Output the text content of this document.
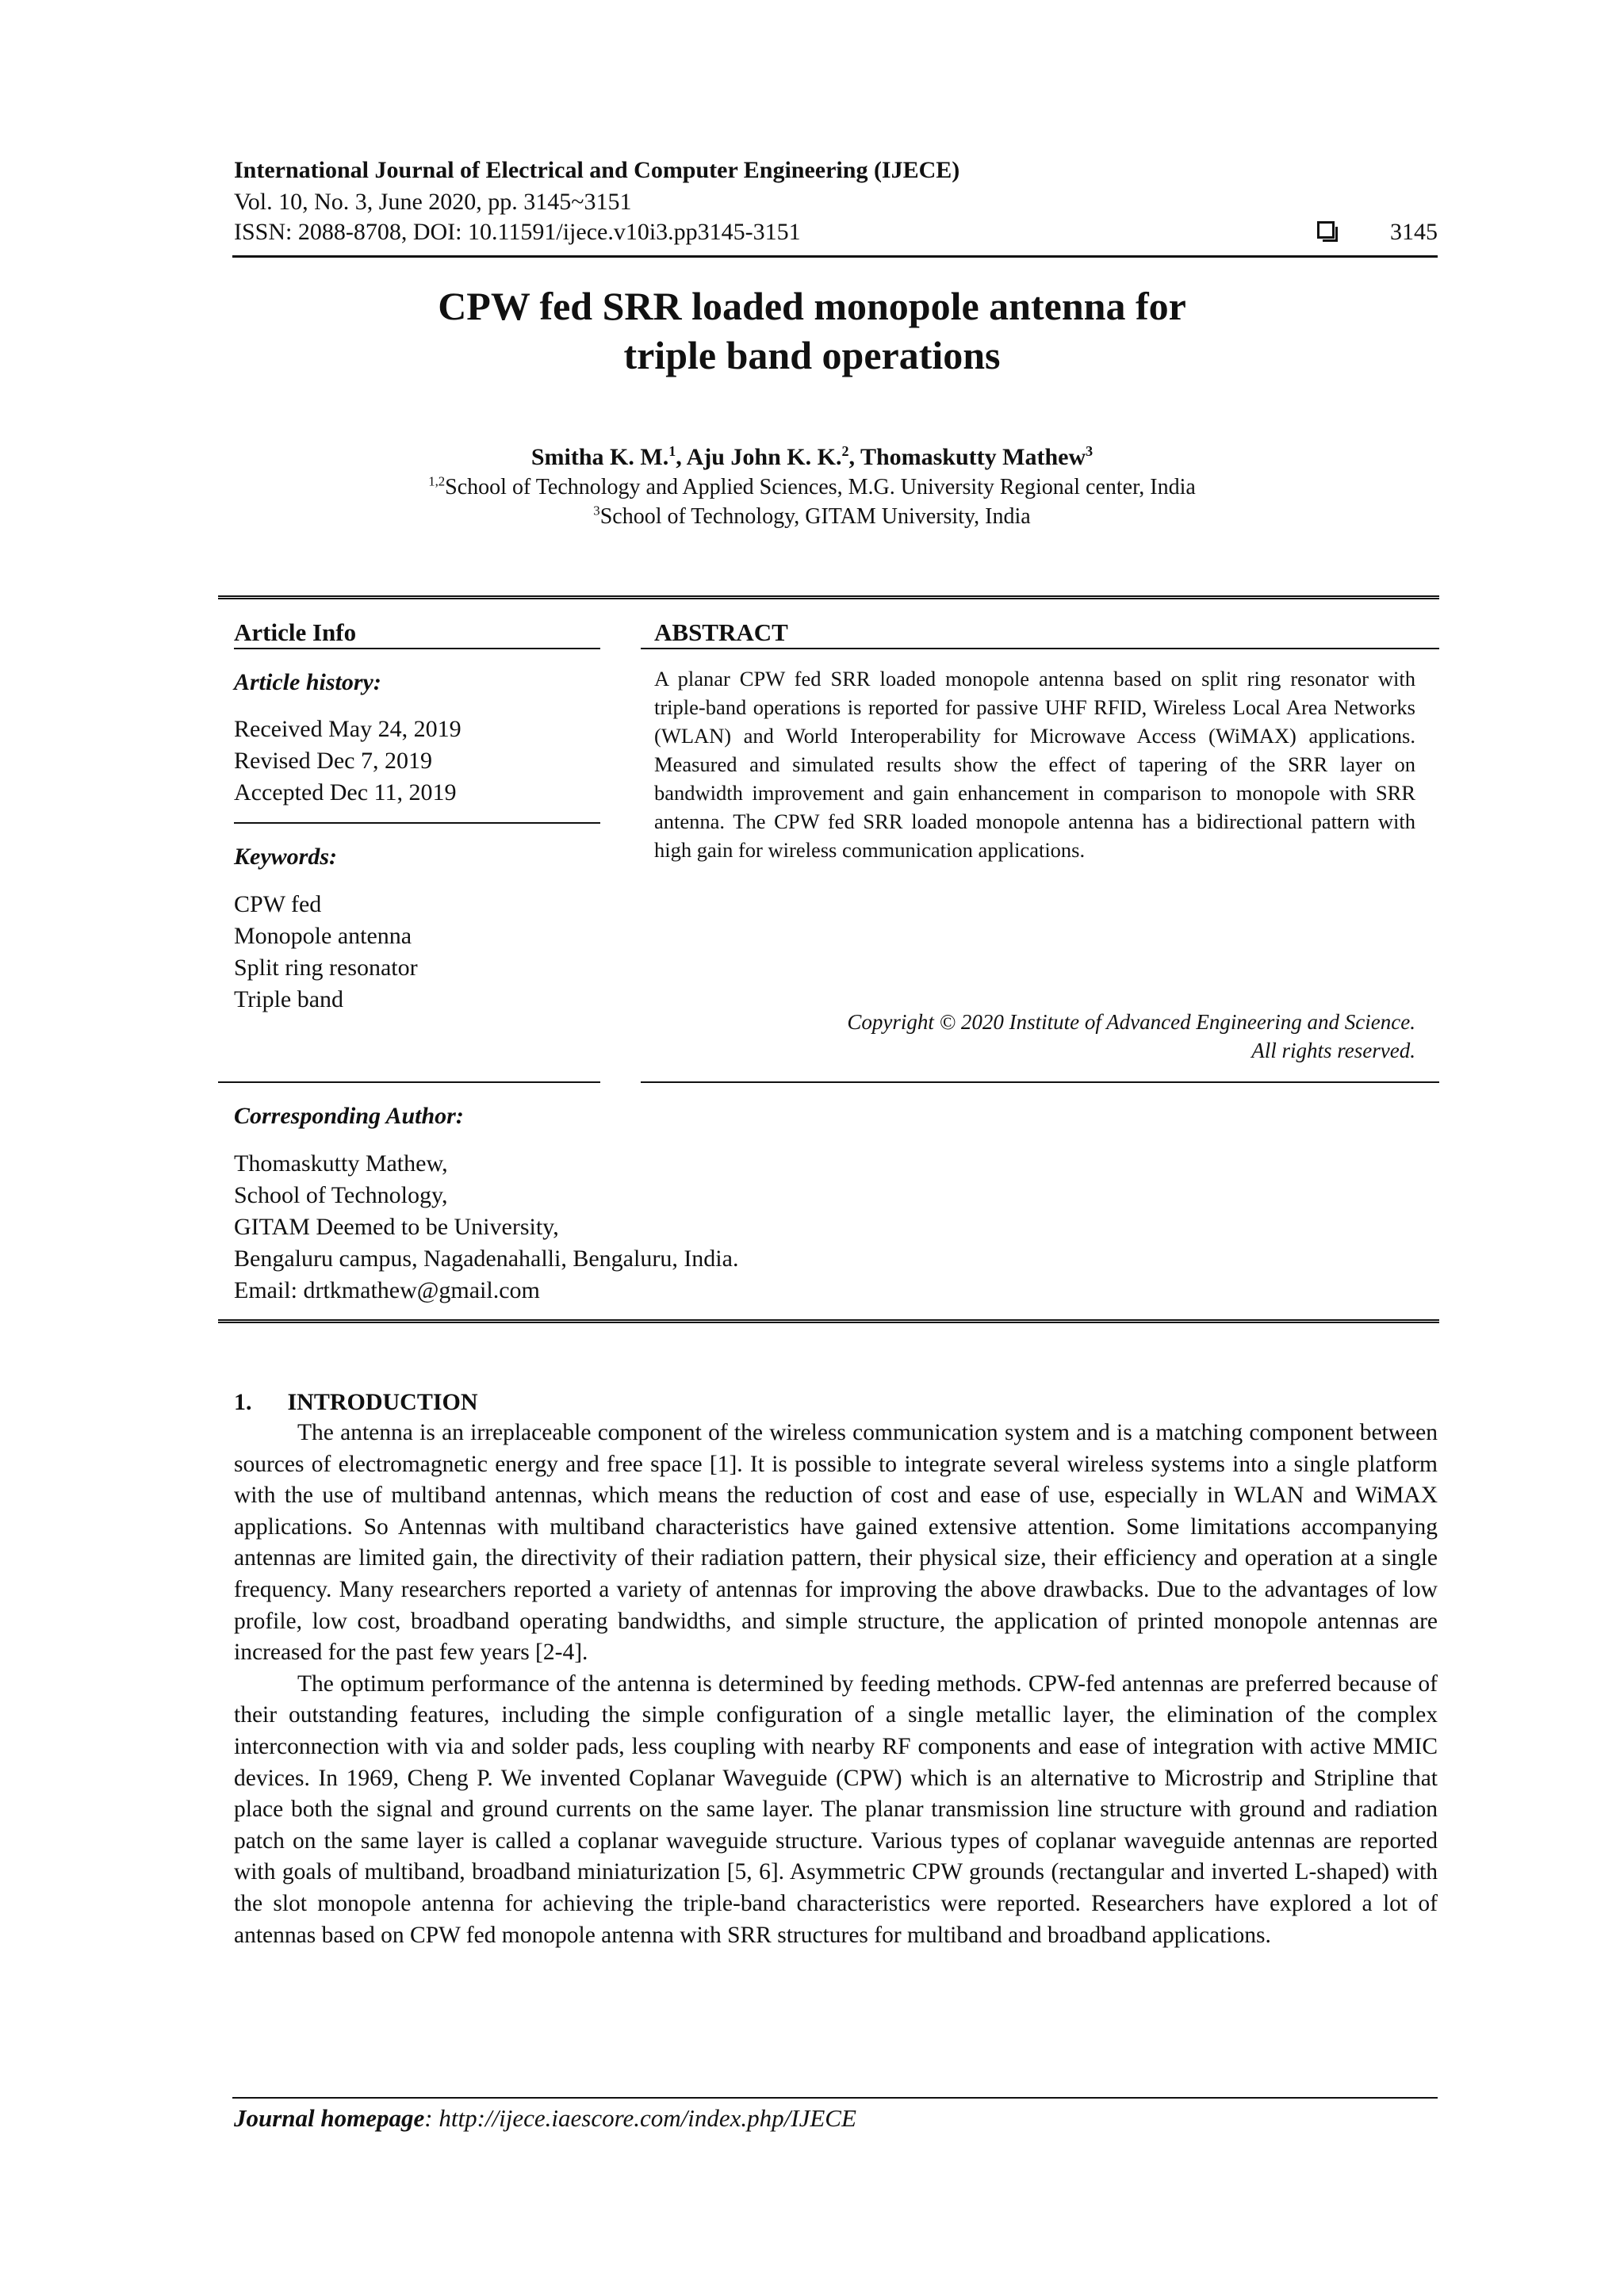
International Journal of Electrical and Computer Engineering (IJECE)
Vol. 10, No. 3, June 2020, pp. 3145~3151
ISSN: 2088-8708, DOI: 10.11591/ijece.v10i3.pp3145-3151	3145
CPW fed SRR loaded monopole antenna for
triple band operations
Smitha K. M.$^1$, Aju John K. K.$^2$, Thomaskutty Mathew$^3$
$^{1,2}$School of Technology and Applied Sciences, M.G. University Regional center, India
$^3$School of Technology, GITAM University, India
Article Info
Article history:
Received May 24, 2019
Revised Dec 7, 2019
Accepted Dec 11, 2019
Keywords:
CPW fed
Monopole antenna
Split ring resonator
Triple band
ABSTRACT
A planar CPW fed SRR loaded monopole antenna based on split ring resonator with triple-band operations is reported for passive UHF RFID, Wireless Local Area Networks (WLAN) and World Interoperability for Microwave Access (WiMAX) applications. Measured and simulated results show the effect of tapering of the SRR layer on bandwidth improvement and gain enhancement in comparison to monopole with SRR antenna. The CPW fed SRR loaded monopole antenna has a bidirectional pattern with high gain for wireless communication applications.
Copyright © 2020 Institute of Advanced Engineering and Science.
All rights reserved.
Corresponding Author:
Thomaskutty Mathew,
School of Technology,
GITAM Deemed to be University,
Bengaluru campus, Nagadenahalli, Bengaluru, India.
Email: drtkmathew@gmail.com
1.      INTRODUCTION

The antenna is an irreplaceable component of the wireless communication system and is a matching component between sources of electromagnetic energy and free space [1]. It is possible to integrate several wireless systems into a single platform with the use of multiband antennas, which means the reduction of cost and ease of use, especially in WLAN and WiMAX applications. So Antennas with multiband characteristics have gained extensive attention. Some limitations accompanying antennas are limited gain, the directivity of their radiation pattern, their physical size, their efficiency and operation at a single frequency. Many researchers reported a variety of antennas for improving the above drawbacks. Due to the advantages of low profile, low cost, broadband operating bandwidths, and simple structure, the application of printed monopole antennas are increased for the past few years [2-4].

The optimum performance of the antenna is determined by feeding methods. CPW-fed antennas are preferred because of their outstanding features, including the simple configuration of a single metallic layer, the elimination of the complex interconnection with via and solder pads, less coupling with nearby RF components and ease of integration with active MMIC devices. In 1969, Cheng P. We invented Coplanar Waveguide (CPW) which is an alternative to Microstrip and Stripline that place both the signal and ground currents on the same layer. The planar transmission line structure with ground and radiation patch on the same layer is called a coplanar waveguide structure. Various types of coplanar waveguide antennas are reported with goals of multiband, broadband miniaturization [5, 6]. Asymmetric CPW grounds (rectangular and inverted L-shaped) with the slot monopole antenna for achieving the triple-band characteristics were reported. Researchers have explored a lot of antennas based on CPW fed monopole antenna with SRR structures for multiband and broadband applications.

Journal homepage: http://ijece.iaescore.com/index.php/IJECE
